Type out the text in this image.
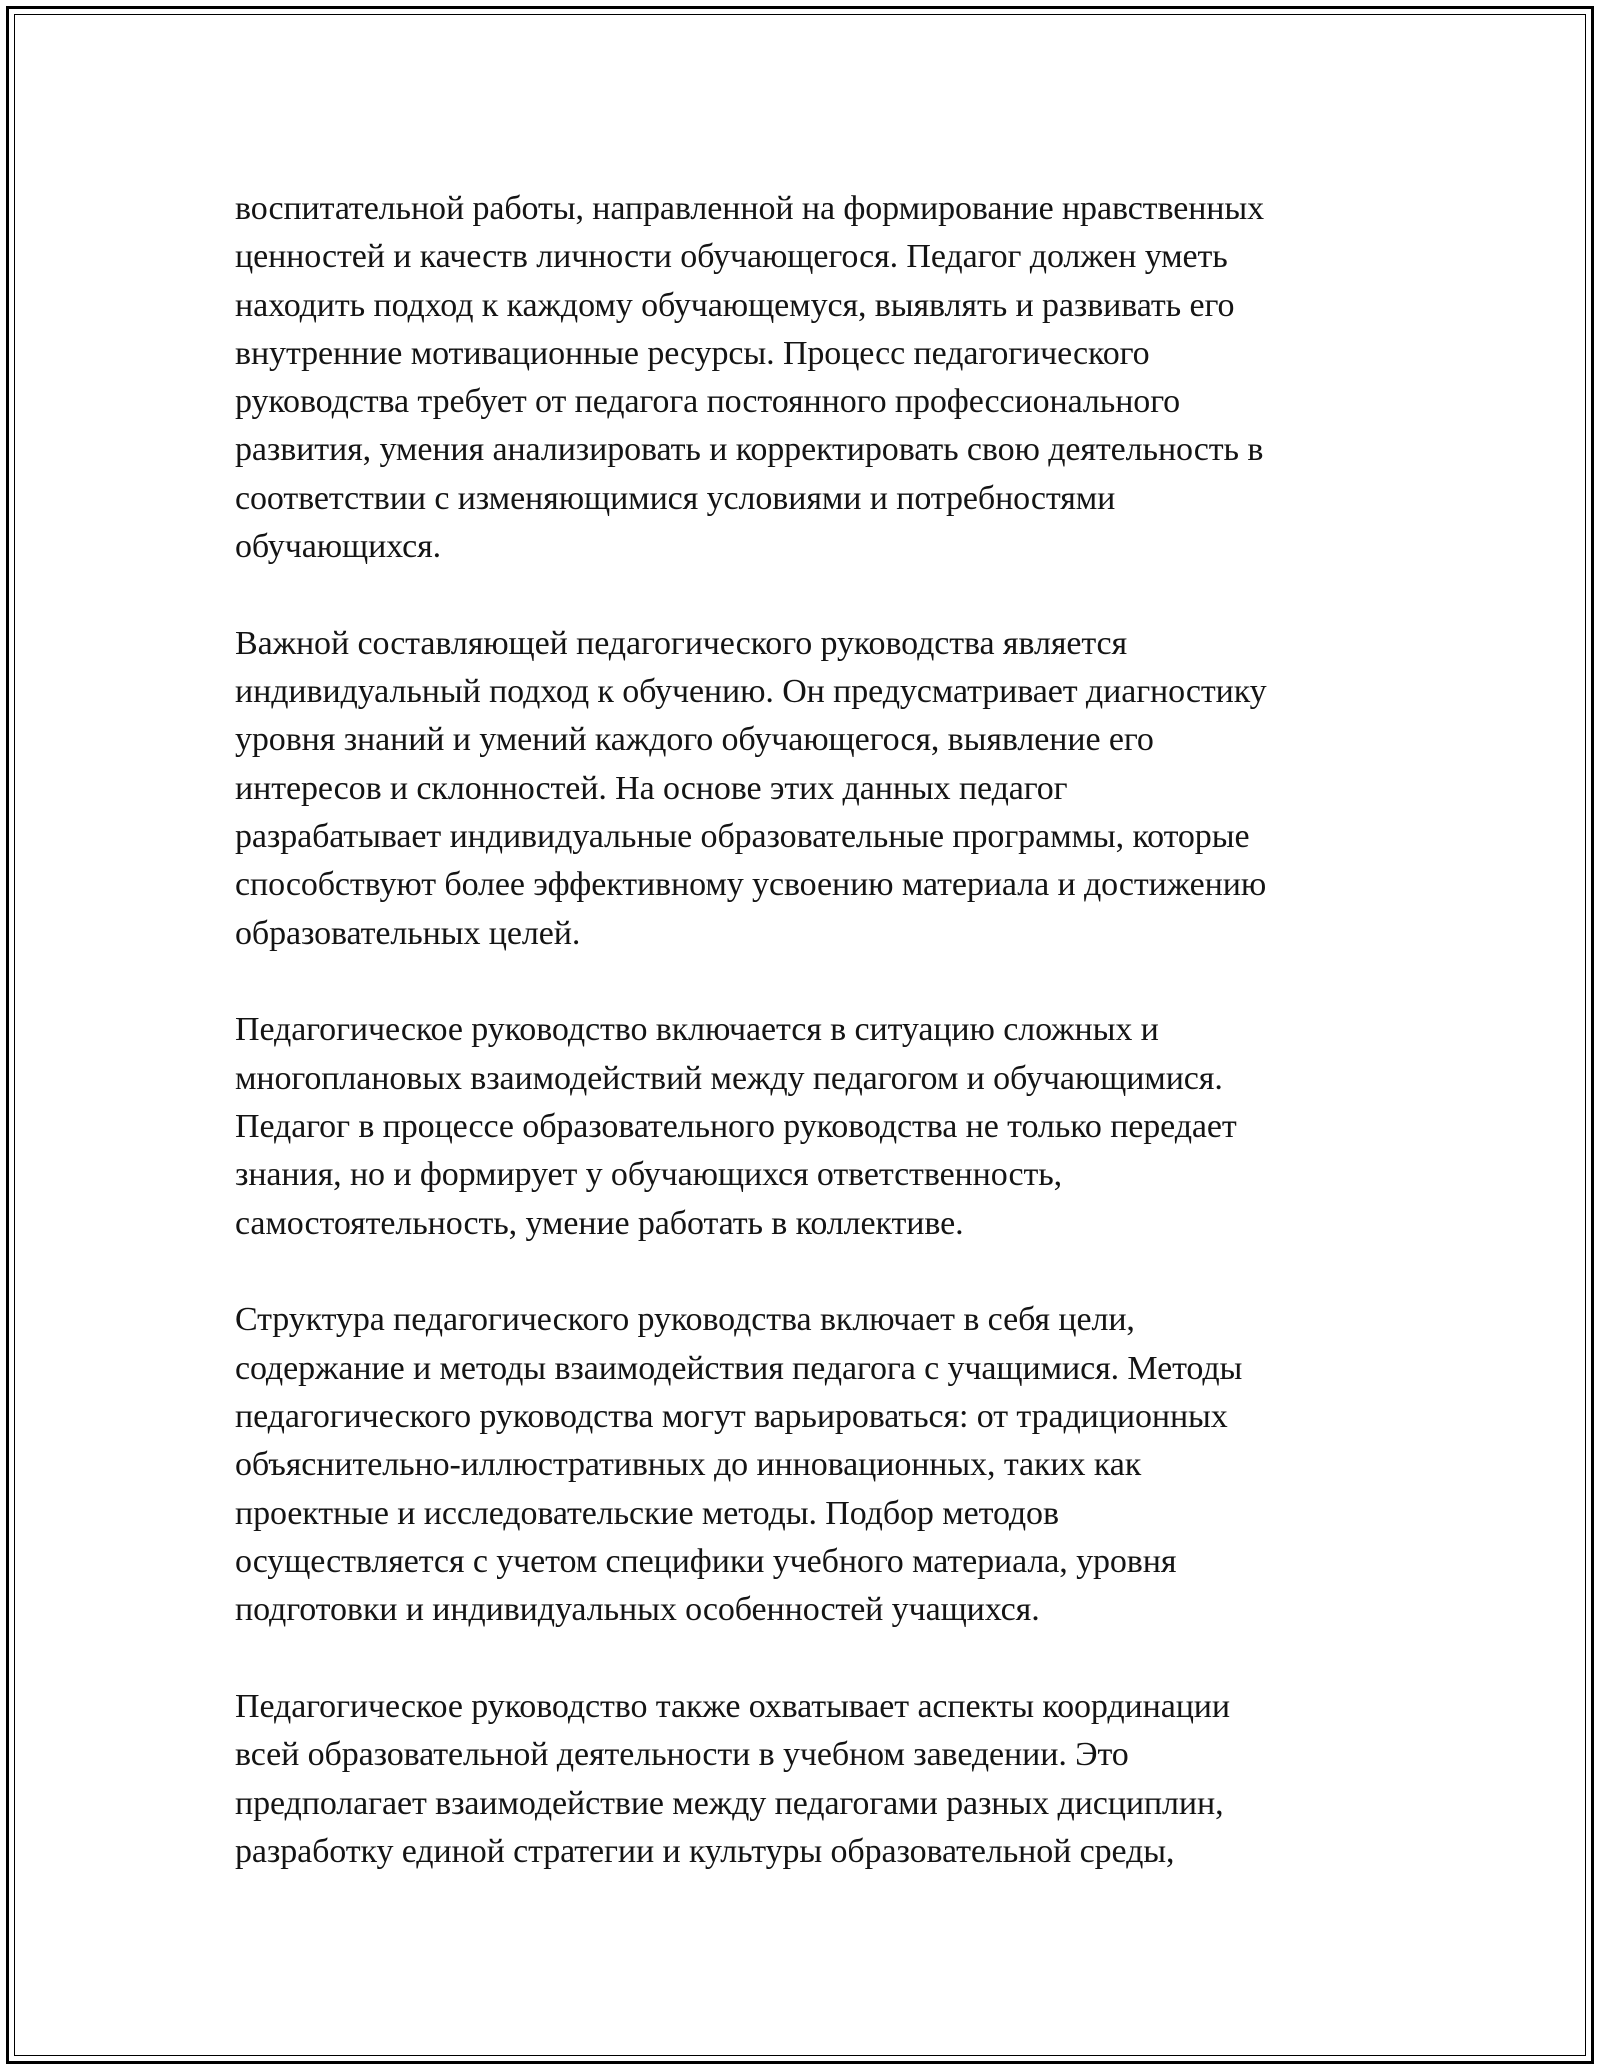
воспитательной работы, направленной на формирование нравственных
ценностей и качеств личности обучающегося. Педагог должен уметь
находить подход к каждому обучающемуся, выявлять и развивать его
внутренние мотивационные ресурсы. Процесс педагогического
руководства требует от педагога постоянного профессионального
развития, умения анализировать и корректировать свою деятельность в
соответствии с изменяющимися условиями и потребностями
обучающихся.

Важной составляющей педагогического руководства является
индивидуальный подход к обучению. Он предусматривает диагностику
уровня знаний и умений каждого обучающегося, выявление его
интересов и склонностей. На основе этих данных педагог
разрабатывает индивидуальные образовательные программы, которые
способствуют более эффективному усвоению материала и достижению
образовательных целей.

Педагогическое руководство включается в ситуацию сложных и
многоплановых взаимодействий между педагогом и обучающимися.
Педагог в процессе образовательного руководства не только передает
знания, но и формирует у обучающихся ответственность,
самостоятельность, умение работать в коллективе.

Структура педагогического руководства включает в себя цели,
содержание и методы взаимодействия педагога с учащимися. Методы
педагогического руководства могут варьироваться: от традиционных
объяснительно-иллюстративных до инновационных, таких как
проектные и исследовательские методы. Подбор методов
осуществляется с учетом специфики учебного материала, уровня
подготовки и индивидуальных особенностей учащихся.

Педагогическое руководство также охватывает аспекты координации
всей образовательной деятельности в учебном заведении. Это
предполагает взаимодействие между педагогами разных дисциплин,
разработку единой стратегии и культуры образовательной среды,
